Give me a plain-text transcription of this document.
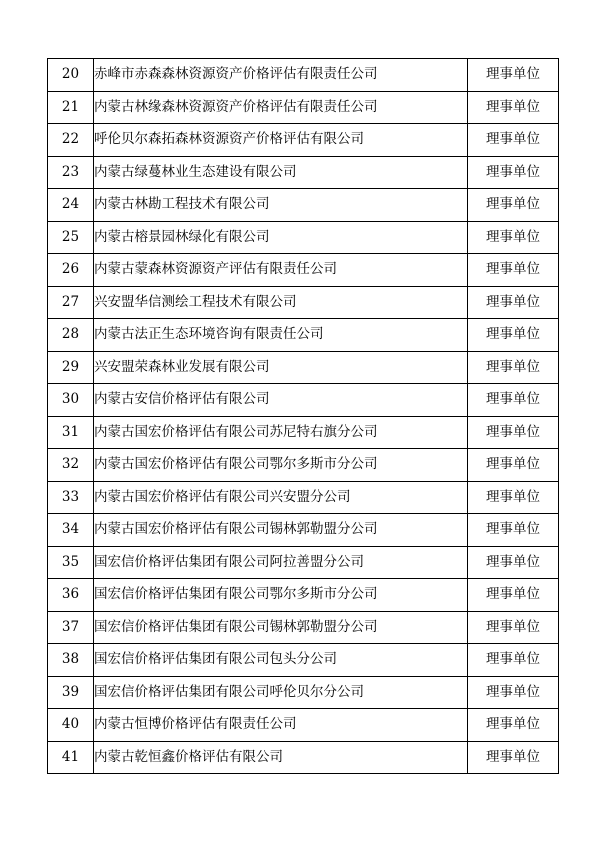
20	赤峰市赤森森林资源资产价格评估有限责任公司	理事单位
21	内蒙古林缘森林资源资产价格评估有限责任公司	理事单位
22	呼伦贝尔森拓森林资源资产价格评估有限公司	理事单位
23	内蒙古绿蔓林业生态建设有限公司	理事单位
24	内蒙古林勘工程技术有限公司	理事单位
25	内蒙古榕景园林绿化有限公司	理事单位
26	内蒙古蒙森林资源资产评估有限责任公司	理事单位
27	兴安盟华信测绘工程技术有限公司	理事单位
28	内蒙古法正生态环境咨询有限责任公司	理事单位
29	兴安盟荣森林业发展有限公司	理事单位
30	内蒙古安信价格评估有限公司	理事单位
31	内蒙古国宏价格评估有限公司苏尼特右旗分公司	理事单位
32	内蒙古国宏价格评估有限公司鄂尔多斯市分公司	理事单位
33	内蒙古国宏价格评估有限公司兴安盟分公司	理事单位
34	内蒙古国宏价格评估有限公司锡林郭勒盟分公司	理事单位
35	国宏信价格评估集团有限公司阿拉善盟分公司	理事单位
36	国宏信价格评估集团有限公司鄂尔多斯市分公司	理事单位
37	国宏信价格评估集团有限公司锡林郭勒盟分公司	理事单位
38	国宏信价格评估集团有限公司包头分公司	理事单位
39	国宏信价格评估集团有限公司呼伦贝尔分公司	理事单位
40	内蒙古恒博价格评估有限责任公司	理事单位
41	内蒙古乾恒鑫价格评估有限公司	理事单位
